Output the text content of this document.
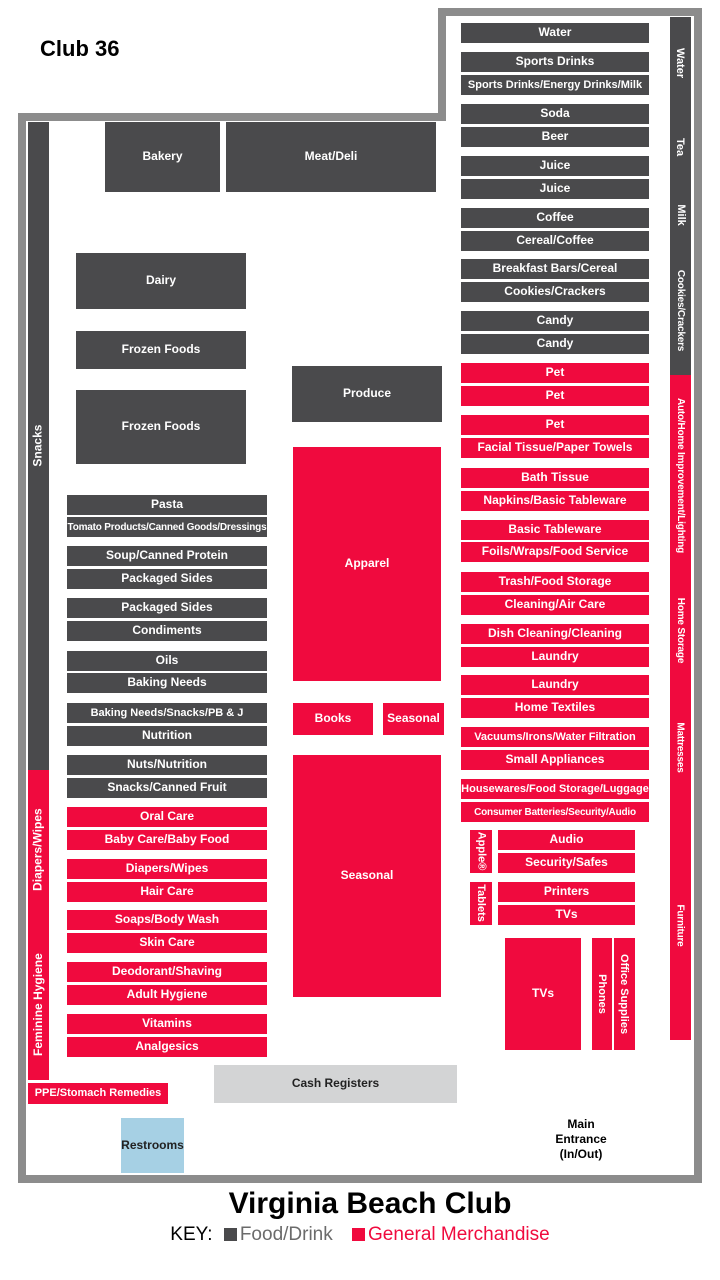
Club 36
Bakery	Meat/Deli
Snacks
Diapers/Wipes
Feminine Hygiene
Dairy
Frozen Foods
Frozen Foods
Pasta
Tomato Products/Canned Goods/Dressings
Soup/Canned Protein
Packaged Sides
Packaged Sides
Condiments
Oils
Baking Needs
Baking Needs/Snacks/PB & J
Nutrition
Nuts/Nutrition
Snacks/Canned Fruit
Oral Care
Baby Care/Baby Food
Diapers/Wipes
Hair Care
Soaps/Body Wash
Skin Care
Deodorant/Shaving
Adult Hygiene
Vitamins
Analgesics
PPE/Stomach Remedies
Produce
Apparel
Books	Seasonal
Seasonal
Water
Sports Drinks
Sports Drinks/Energy Drinks/Milk
Soda
Beer
Juice
Juice
Coffee
Cereal/Coffee
Breakfast Bars/Cereal
Cookies/Crackers
Candy
Candy
Pet
Pet
Pet
Facial Tissue/Paper Towels
Bath Tissue
Napkins/Basic Tableware
Basic Tableware
Foils/Wraps/Food Service
Trash/Food Storage
Cleaning/Air Care
Dish Cleaning/Cleaning
Laundry
Laundry
Home Textiles
Vacuums/Irons/Water Filtration
Small Appliances
Housewares/Food Storage/Luggage
Consumer Batteries/Security/Audio
Apple®	Audio
Security/Safes
Tablets	Printers
TVs
TVs	Phones Office Supplies
Water
Tea
Milk
Cookies/Crackers
Auto/Home Improvement/Lighting
Home Storage
Mattresses
Furniture
Cash Registers
Restrooms
Main
Entrance
(In/Out)
Virginia Beach Club
KEY: Food/Drink General Merchandise
